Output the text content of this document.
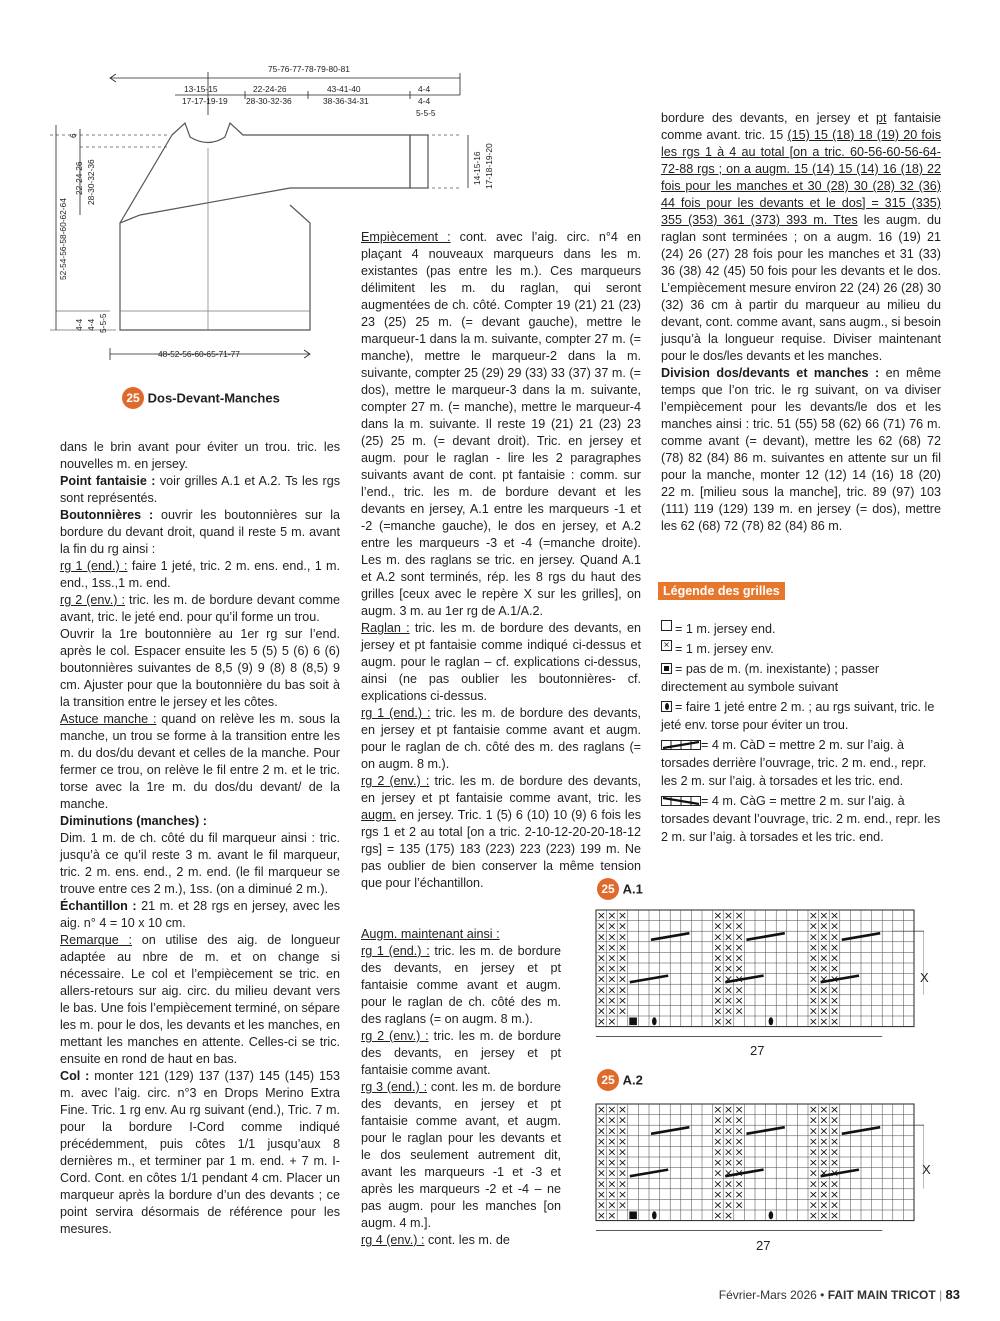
75-76-77-78-79-80-81
13-15-15
17-17-19-19
22-24-26
28-30-32-36
43-41-40
38-36-34-31
4-4
4-4
5-5-5
52-54-56-58-60-62-64
6
22-24-26 28-30-32-36
4-4 4-4 5-5-5
14-15-16 17-18-19-20
48-52-56-60-65-71-77
25 Dos-Devant-Manches

dans le brin avant pour éviter un trou. tric. les nouvelles m. en jersey.

Point fantaisie : voir grilles A.1 et A.2. Ts les rgs sont représentés.

Boutonnières : ouvrir les boutonnières sur la bordure du devant droit, quand il reste 5 m. avant la fin du rg ainsi :

rg 1 (end.) : faire 1 jeté, tric. 2 m. ens. end., 1 m. end., 1ss.,1 m. end.

rg 2 (env.) : tric. les m. de bordure devant comme avant, tric. le jeté end. pour qu’il forme un trou.

Ouvrir la 1re boutonnière au 1er rg sur l’end. après le col. Espacer ensuite les 5 (5) 5 (6) 6 (6) boutonnières suivantes de 8,5 (9) 9 (8) 8 (8,5) 9 cm. Ajuster pour que la boutonnière du bas soit à la transition entre le jersey et les côtes.

Astuce manche : quand on relève les m. sous la manche, un trou se forme à la transition entre les m. du dos/du devant et celles de la manche. Pour fermer ce trou, on relève le fil entre 2 m. et le tric. torse avec la 1re m. du dos/du devant/ de la manche.

Diminutions (manches) :

Dim. 1 m. de ch. côté du fil marqueur ainsi : tric. jusqu’à ce qu’il reste 3 m. avant le fil marqueur, tric. 2 m. ens. end., 2 m. end. (le fil marqueur se trouve entre ces 2 m.), 1ss. (on a diminué 2 m.).

Échantillon : 21 m. et 28 rgs en jersey, avec les aig. n° 4 = 10 x 10 cm.

Remarque : on utilise des aig. de longueur adaptée au nbre de m. et on change si nécessaire. Le col et l’empiècement se tric. en allers-retours sur aig. circ. du milieu devant vers le bas. Une fois l’empiècement terminé, on sépare les m. pour le dos, les devants et les manches, en mettant les manches en attente. Celles-ci se tric. ensuite en rond de haut en bas.

Col : monter 121 (129) 137 (137) 145 (145) 153 m. avec l’aig. circ. n°3 en Drops Merino Extra Fine. Tric. 1 rg env. Au rg suivant (end.), Tric. 7 m. pour la bordure I-Cord comme indiqué précédemment, puis côtes 1/1 jusqu’aux 8 dernières m., et terminer par 1 m. end. + 7 m. I-Cord. Cont. en côtes 1/1 pendant 4 cm. Placer un marqueur après la bordure d’un des devants ; ce point servira désormais de référence pour les mesures.

Empiècement : cont. avec l’aig. circ. n°4 en plaçant 4 nouveaux marqueurs dans les m. existantes (pas entre les m.). Ces marqueurs délimitent les m. du raglan, qui seront augmentées de ch. côté. Compter 19 (21) 21 (23) 23 (25) 25 m. (= devant gauche), mettre le marqueur-1 dans la m. suivante, compter 27 m. (= manche), mettre le marqueur-2 dans la m. suivante, compter 25 (29) 29 (33) 33 (37) 37 m. (= dos), mettre le marqueur-3 dans la m. suivante, compter 27 m. (= manche), mettre le marqueur-4 dans la m. suivante. Il reste 19 (21) 21 (23) 23 (25) 25 m. (= devant droit). Tric. en jersey et augm. pour le raglan - lire les 2 paragraphes suivants avant de cont. pt fantaisie : comm. sur l’end., tric. les m. de bordure devant et les devants en jersey, A.1 entre les marqueurs -1 et -2 (=manche gauche), le dos en jersey, et A.2 entre les marqueurs -3 et -4 (=manche droite). Les m. des raglans se tric. en jersey. Quand A.1 et A.2 sont terminés, rép. les 8 rgs du haut des grilles [ceux avec le repère X sur les grilles], on augm. 3 m. au 1er rg de A.1/A.2.

Raglan : tric. les m. de bordure des devants, en jersey et pt fantaisie comme indiqué ci-dessus et augm. pour le raglan – cf. explications ci-dessus, ainsi (ne pas oublier les boutonnières- cf. explications ci-dessus.

rg 1 (end.) : tric. les m. de bordure des devants, en jersey et pt fantaisie comme avant et augm. pour le raglan de ch. côté des m. des raglans (= on augm. 8 m.).

rg 2 (env.) : tric. les m. de bordure des devants, en jersey et pt fantaisie comme avant, tric. les augm. en jersey. Tric. 1 (5) 6 (10) 10 (9) 6 fois les rgs 1 et 2 au total [on a tric. 2-10-12-20-20-18-12 rgs] = 135 (175) 183 (223) 223 (223) 199 m. Ne pas oublier de bien conserver la même tension que pour l’échantillon.

Augm. maintenant ainsi :

rg 1 (end.) : tric. les m. de bordure des devants, en jersey et pt fantaisie comme avant et augm. pour le raglan de ch. côté des m. des raglans (= on augm. 8 m.).

rg 2 (env.) : tric. les m. de bordure des devants, en jersey et pt fantaisie comme avant.

rg 3 (end.) : cont. les m. de bordure des devants, en jersey et pt fantaisie comme avant, et augm. pour le raglan pour les devants et le dos seulement autrement dit, avant les marqueurs -1 et -3 et après les marqueurs -2 et -4 – ne pas augm. pour les manches [on augm. 4 m.].

rg 4 (env.) : cont. les m. de

bordure des devants, en jersey et pt fantaisie comme avant. tric. 15 (15) 15 (18) 18 (19) 20 fois les rgs 1 à 4 au total [on a tric. 60-56-60-56-64-72-88 rgs ; on a augm. 15 (14) 15 (14) 16 (18) 22 fois pour les manches et 30 (28) 30 (28) 32 (36) 44 fois pour les devants et le dos] = 315 (335) 355 (353) 361 (373) 393 m. Ttes les augm. du raglan sont terminées ; on a augm. 16 (19) 21 (24) 26 (27) 28 fois pour les manches et 31 (33) 36 (38) 42 (45) 50 fois pour les devants et le dos. L’empiècement mesure environ 22 (24) 26 (28) 30 (32) 36 cm à partir du marqueur au milieu du devant, cont. comme avant, sans augm., si besoin jusqu’à la longueur requise. Diviser maintenant pour le dos/les devants et les manches.

Division dos/devants et manches : en même temps que l’on tric. le rg suivant, on va diviser l’empiècement pour les devants/le dos et les manches ainsi : tric. 51 (55) 58 (62) 66 (71) 76 m. comme avant (= devant), mettre les 62 (68) 72 (78) 82 (84) 86 m. suivantes en attente sur un fil pour la manche, monter 12 (12) 14 (16) 18 (20) 22 m. [milieu sous la manche], tric. 89 (97) 103 (111) 119 (129) 139 m. en jersey (= dos), mettre les 62 (68) 72 (78) 82 (84) 86 m.

Légende des grilles
= 1 m. jersey end.
× = 1 m. jersey env.
= pas de m. (m. inexistante) ; passer directement au symbole suivant
= faire 1 jeté entre 2 m. ; au rgs suivant, tric. le jeté env. torse pour éviter un trou.
= 4 m. CàD = mettre 2 m. sur l’aig. à torsades derrière l’ouvrage, tric. 2 m. end., repr. les 2 m. sur l’aig. à torsades et les tric. end.
= 4 m. CàG = mettre 2 m. sur l’aig. à torsades devant l’ouvrage, tric. 2 m. end., repr. les 2 m. sur l’aig. à torsades et les tric. end.
25 A.1
X
27
× × ×	× × ×	× × ×
× × ×	× × ×	× × ×
× × ×	× × ×	× × ×
× × ×	× × ×	× × ×
× × ×	× × ×	× × ×
× × ×	× × ×	× × ×
× × ×	× ×	× ×
× × ×	× × ×	× × ×
× × ×	× × ×	× × ×
× × ×	× × ×	× × ×
× ×	× ×	× × ×
25 A.2
X
27
× × ×	× × ×	× × ×
× × ×	× × ×	× × ×
× × ×	× × ×	× × ×
× × ×	× × ×	× × ×
× × ×	× × ×	× × ×
× × ×	× × ×	× × ×
× × ×	× ×	× ×
× × ×	× × ×	× × ×
× × ×	× × ×	× × ×
× × ×	× × ×	× × ×
× ×	× ×	× × ×
Février-Mars 2026 • FAIT MAIN TRICOT | 83
